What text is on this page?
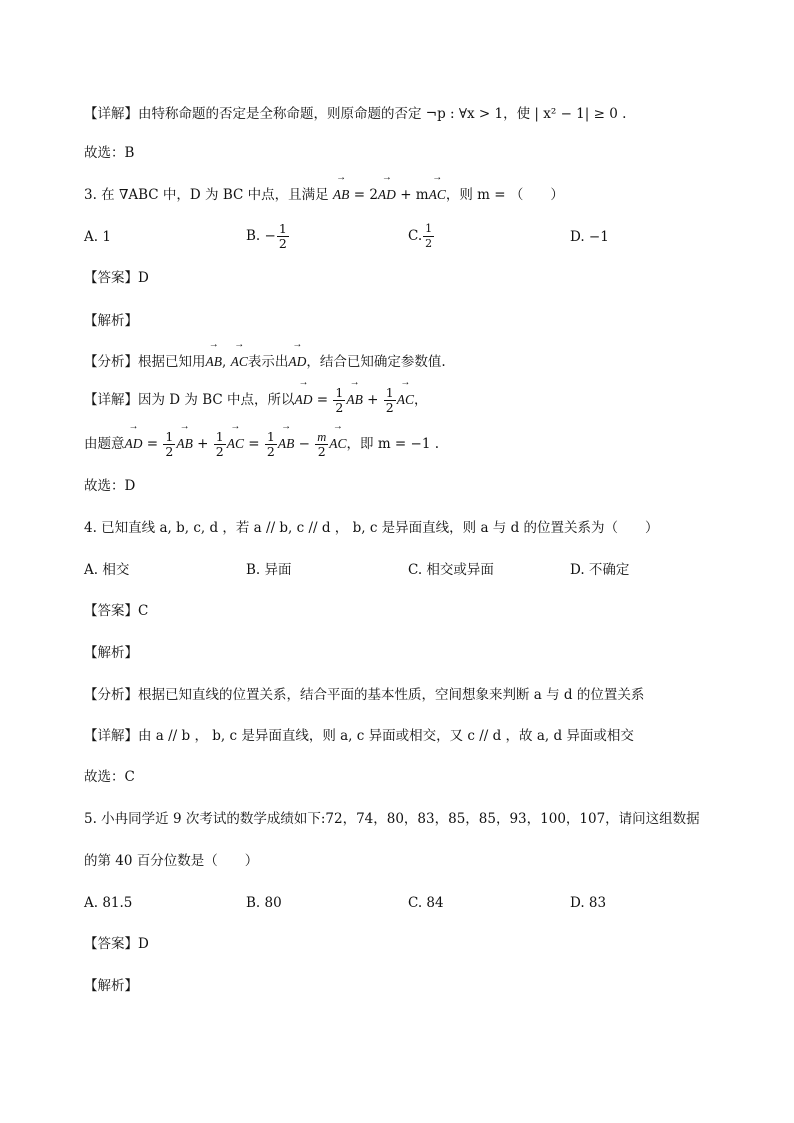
【详解】由特称命题的否定是全称命题，则原命题的否定 ¬p : ∀x > 1，使 | x² − 1| ≥ 0 .
故选：B
3. 在 ∇ABC 中，D 为 BC 中点，且满足 → AB = 2→ AD + m→ AC，则 m = （　　）
A. 1	B. − $\frac{1}{2}$	C. $\frac{1}{2}$	D. −1
【答案】D
【解析】
【分析】根据已知用→ AB, → AC表示出→ AD，结合已知确定参数值.
【详解】因为 D 为 BC 中点，所以→ AD = $\frac{1}{2}$ → AB + $\frac{1}{2}$ → AC，
由题意→ AD = $\frac{1}{2}$ → AB + $\frac{1}{2}$ → AC = $\frac{1}{2}$ → AB − $\frac{m}{2}$ → AC，即 m = −1 .
故选：D
4. 已知直线 a, b, c, d ，若 a // b, c // d ， b, c 是异面直线，则 a 与 d 的位置关系为（　　）
A. 相交	B. 异面	C. 相交或异面	D. 不确定
【答案】C
【解析】
【分析】根据已知直线的位置关系，结合平面的基本性质，空间想象来判断 a 与 d 的位置关系
【详解】由 a // b ， b, c 是异面直线，则 a, c 异面或相交，又 c // d ，故 a, d 异面或相交
故选：C
5. 小冉同学近 9 次考试的数学成绩如下:72，74，80，83，85，85，93，100，107，请问这组数据
的第 40 百分位数是（　　）
A. 81.5	B. 80	C. 84	D. 83
【答案】D
【解析】
